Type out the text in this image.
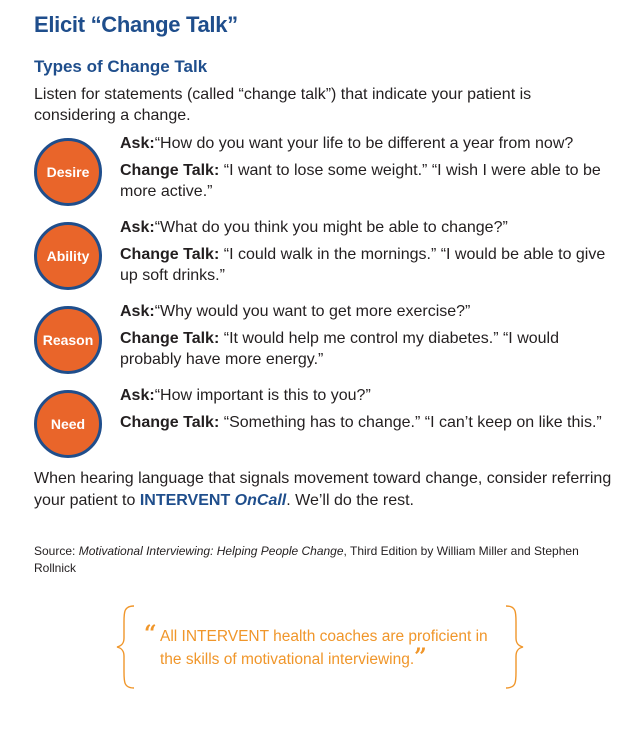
Elicit “Change Talk”
Types of Change Talk
Listen for statements (called “change talk”) that indicate your patient is considering a change.
Desire
Ask:“How do you want your life to be different a year from now?
Change Talk: “I want to lose some weight.” “I wish I were able to be more active.”
Ability
Ask:“What do you think you might be able to change?”
Change Talk: “I could walk in the mornings.” “I would be able to give up soft drinks.”
Reason
Ask:“Why would you want to get more exercise?”
Change Talk: “It would help me control my diabetes.” “I would probably have more energy.”
Need
Ask:“How important is this to you?”
Change Talk: “Something has to change.” “I can’t keep on like this.”
When hearing language that signals movement toward change, consider referring your patient to INTERVENT OnCall. We’ll do the rest.
Source: Motivational Interviewing: Helping People Change, Third Edition by William Miller and Stephen Rollnick
“ All INTERVENT health coaches are proficient in the skills of motivational interviewing.”
